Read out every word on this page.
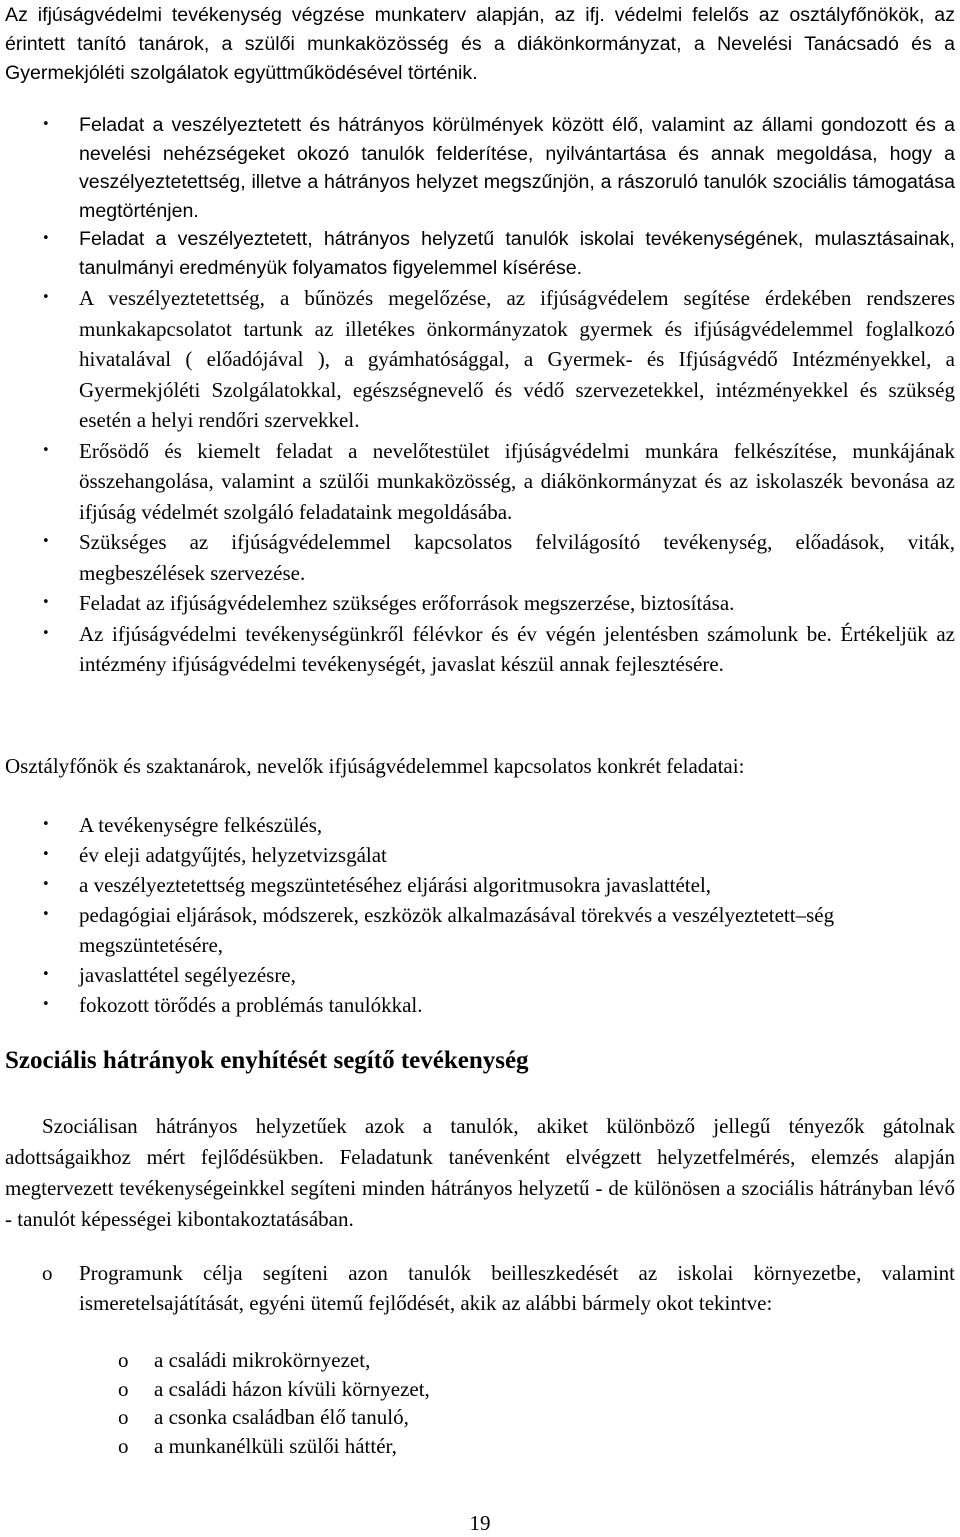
Az ifjúságvédelmi tevékenység végzése munkaterv alapján, az ifj. védelmi felelős az osztályfőnökök, az érintett tanító tanárok, a szülői munkaközösség és a diákönkormányzat, a Nevelési Tanácsadó és a Gyermekjóléti szolgálatok együttműködésével történik.

• Feladat a veszélyeztetett és hátrányos körülmények között élő, valamint az állami gondozott és a nevelési nehézségeket okozó tanulók felderítése, nyilvántartása és annak megoldása, hogy a veszélyeztetettség, illetve a hátrányos helyzet megszűnjön, a rászoruló tanulók szociális támogatása megtörténjen.
• Feladat a veszélyeztetett, hátrányos helyzetű tanulók iskolai tevékenységének, mulasztásainak, tanulmányi eredményük folyamatos figyelemmel kísérése.
• A veszélyeztetettség, a bűnözés megelőzése, az ifjúságvédelem segítése érdekében rendszeres munkakapcsolatot tartunk az illetékes önkormányzatok gyermek és ifjúságvédelemmel foglalkozó hivatalával ( előadójával ), a gyámhatósággal, a Gyermek- és Ifjúságvédő Intézményekkel, a Gyermekjóléti Szolgálatokkal, egészségnevelő és védő szervezetekkel, intézményekkel és szükség esetén a helyi rendőri szervekkel.
• Erősödő és kiemelt feladat a nevelőtestület ifjúságvédelmi munkára felkészítése, munkájának összehangolása, valamint a szülői munkaközösség, a diákönkormányzat és az iskolaszék bevonása az ifjúság védelmét szolgáló feladataink megoldásába.
• Szükséges az ifjúságvédelemmel kapcsolatos felvilágosító tevékenység, előadások, viták, megbeszélések szervezése.
• Feladat az ifjúságvédelemhez szükséges erőforrások megszerzése, biztosítása.
• Az ifjúságvédelmi tevékenységünkről félévkor és év végén jelentésben számolunk be. Értékeljük az intézmény ifjúságvédelmi tevékenységét, javaslat készül annak fejlesztésére.

Osztályfőnök és szaktanárok, nevelők ifjúságvédelemmel kapcsolatos konkrét feladatai:

• A tevékenységre felkészülés,
• év eleji adatgyűjtés, helyzetvizsgálat
• a veszélyeztetettség megszüntetéséhez eljárási algoritmusokra javaslattétel,
• pedagógiai eljárások, módszerek, eszközök alkalmazásával törekvés a veszélyeztetett–ség megszüntetésére,
• javaslattétel segélyezésre,
• fokozott törődés a problémás tanulókkal.
Szociális hátrányok enyhítését segítő tevékenység

Szociálisan hátrányos helyzetűek azok a tanulók, akiket különböző jellegű tényezők gátolnak adottságaikhoz mért fejlődésükben. Feladatunk tanévenként elvégzett helyzetfelmérés, elemzés alapján megtervezett tevékenységeinkkel segíteni minden hátrányos helyzetű - de különösen a szociális hátrányban lévő - tanulót képességei kibontakoztatásában.

o Programunk célja segíteni azon tanulók beilleszkedését az iskolai környezetbe, valamint ismeretelsajátítását, egyéni ütemű fejlődését, akik az alábbi bármely okot tekintve:
o a családi mikrokörnyezet,
o a családi házon kívüli környezet,
o a csonka családban élő tanuló,
o a munkanélküli szülői háttér,
19
